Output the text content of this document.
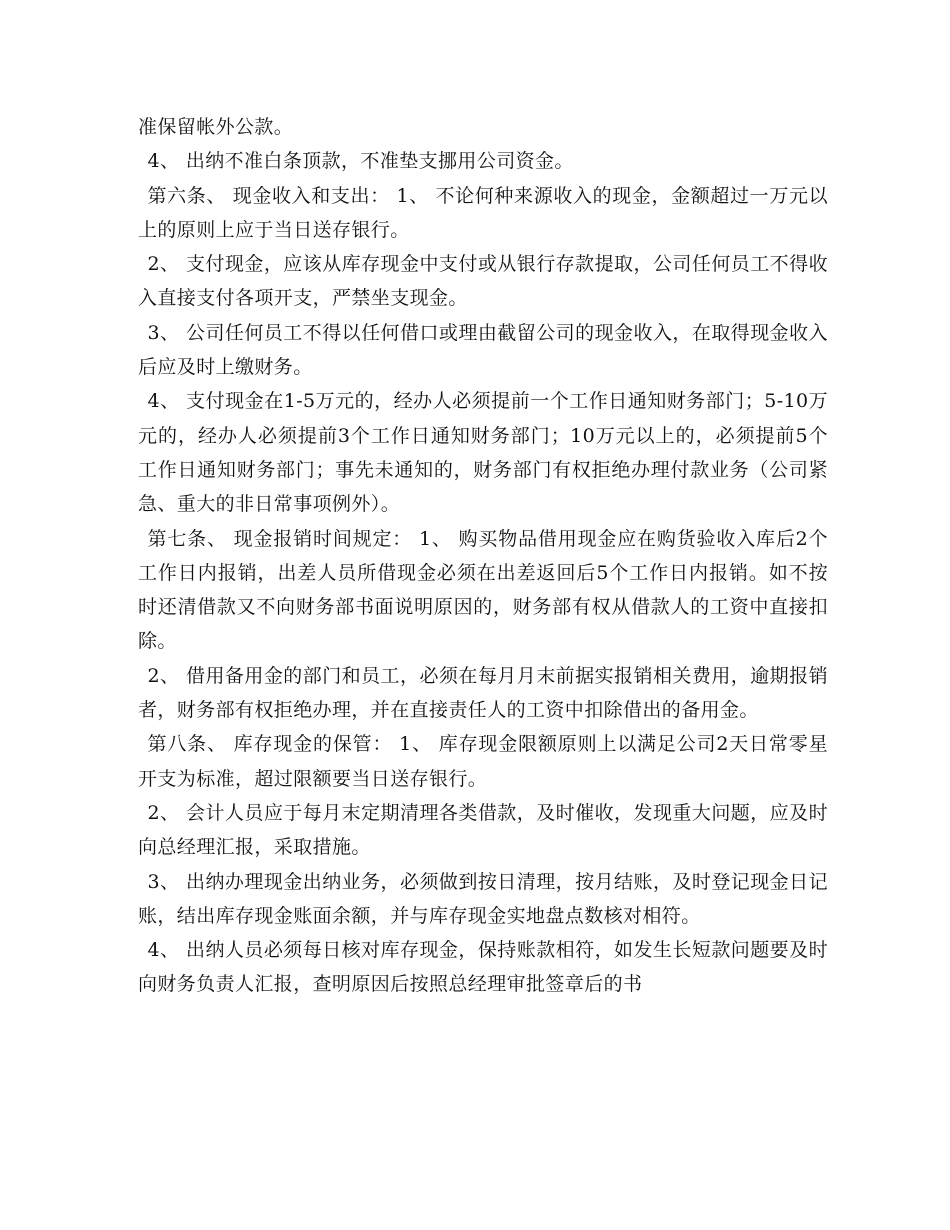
准保留帐外公款。

4、 出纳不准白条顶款，不准垫支挪用公司资金。

第六条、 现金收入和支出： 1、 不论何种来源收入的现金，金额超过一万元以上的原则上应于当日送存银行。

2、 支付现金，应该从库存现金中支付或从银行存款提取，公司任何员工不得收入直接支付各项开支，严禁坐支现金。

3、 公司任何员工不得以任何借口或理由截留公司的现金收入，在取得现金收入后应及时上缴财务。

4、 支付现金在1-5万元的，经办人必须提前一个工作日通知财务部门；5-10万元的，经办人必须提前3个工作日通知财务部门；10万元以上的，必须提前5个工作日通知财务部门；事先未通知的，财务部门有权拒绝办理付款业务（公司紧急、重大的非日常事项例外）。

第七条、 现金报销时间规定： 1、 购买物品借用现金应在购货验收入库后2个工作日内报销，出差人员所借现金必须在出差返回后5个工作日内报销。如不按时还清借款又不向财务部书面说明原因的，财务部有权从借款人的工资中直接扣除。

2、 借用备用金的部门和员工，必须在每月月末前据实报销相关费用，逾期报销者，财务部有权拒绝办理，并在直接责任人的工资中扣除借出的备用金。

第八条、 库存现金的保管： 1、 库存现金限额原则上以满足公司2天日常零星开支为标准，超过限额要当日送存银行。

2、 会计人员应于每月末定期清理各类借款，及时催收，发现重大问题，应及时向总经理汇报，采取措施。

3、 出纳办理现金出纳业务，必须做到按日清理，按月结账，及时登记现金日记账，结出库存现金账面余额，并与库存现金实地盘点数核对相符。

4、 出纳人员必须每日核对库存现金，保持账款相符，如发生长短款问题要及时向财务负责人汇报，查明原因后按照总经理审批签章后的书
